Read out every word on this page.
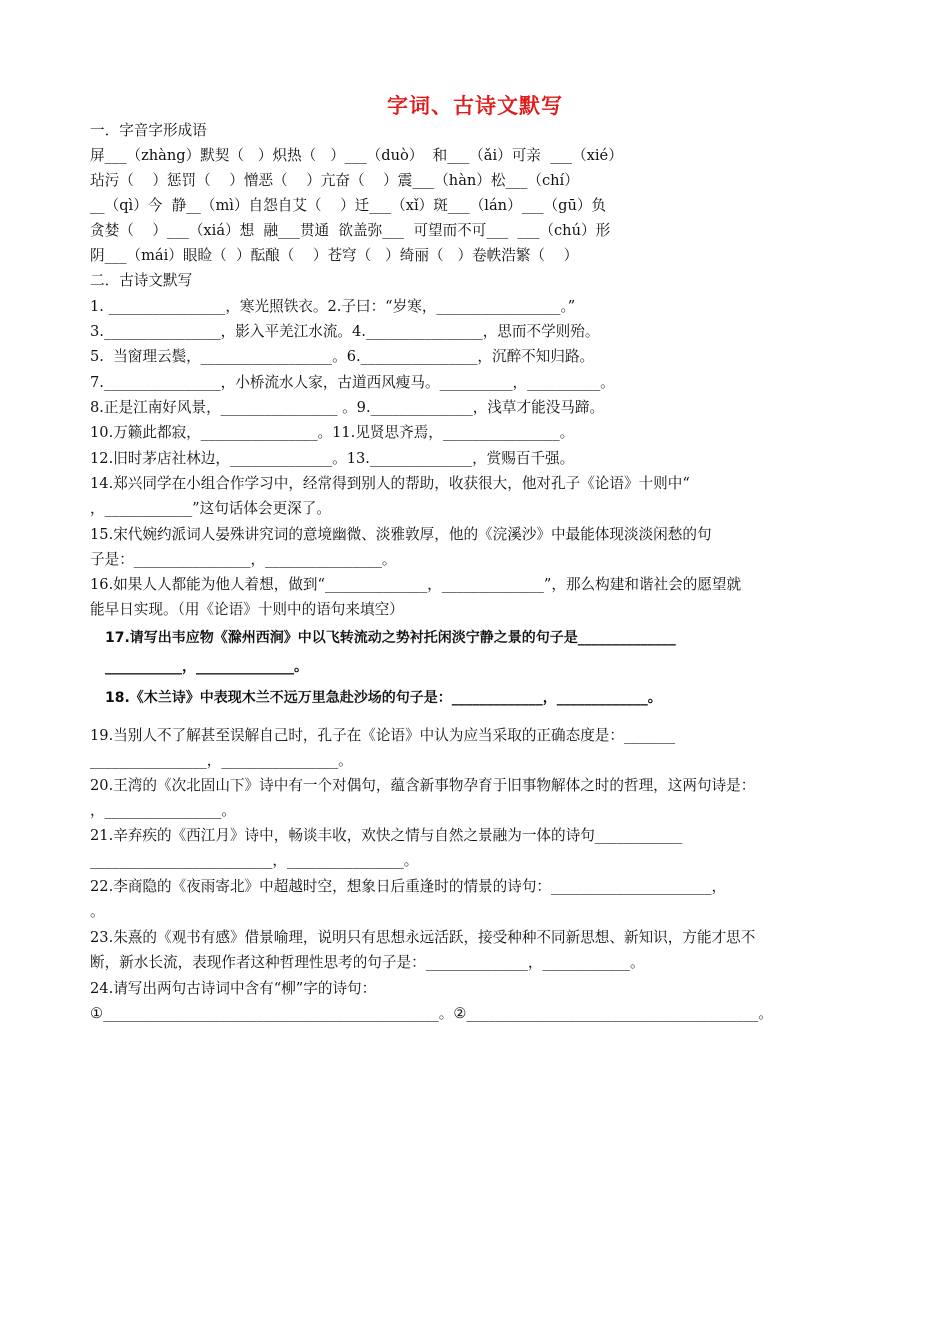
字词、古诗文默写
一．字音字形成语
屏___（zhàng）默契（   ）炽热（   ）___（duò）  和___（ǎi）可亲  ___（xié）
玷污（    ）惩罚（    ）憎恶（    ）亢奋（    ）震___（hàn）松___（chí）
__（qì）今  静__（mì）自怨自艾（    ）迁___（xǐ）斑___（lán）___（gū）负
贪婪（    ）___（xiá）想  融___贯通  欲盖弥___  可望而不可___  ___（chú）形
阴___（mái）眼睑（  ）酝酿（    ）苍穹（   ）绮丽（   ）卷帙浩繁（    ）
二．古诗文默写
1. ________________，寒光照铁衣。2.子曰：“岁寒，_________________。”
3.________________，影入平羌江水流。4.________________，思而不学则殆。
5.  当窗理云鬓，__________________。6.________________，沉醉不知归路。
7.________________，小桥流水人家，古道西风瘦马。__________，__________。
8.正是江南好风景，________________ 。9.______________，浅草才能没马蹄。
10.万籁此都寂，________________。11.见贤思齐焉，________________。
12.旧时茅店社林边，______________。13.______________，赏赐百千强。
14.郑兴同学在小组合作学习中，经常得到别人的帮助，收获很大，他对孔子《论语》十则中“
，____________”这句话体会更深了。
15.宋代婉约派词人晏殊讲究词的意境幽微、淡雅敦厚，他的《浣溪沙》中最能体现淡淡闲愁的句
子是：________________，________________。
16.如果人人都能为他人着想，做到“______________，______________”，那么构建和谐社会的愿望就
能早日实现。（用《论语》十则中的语句来填空）
17.请写出韦应物《滁州西涧》中以飞转流动之势衬托闲淡宁静之景的句子是______________
___________，______________。
18.《木兰诗》中表现木兰不远万里急赴沙场的句子是：_____________，_____________。
19.当别人不了解甚至误解自己时，孔子在《论语》中认为应当采取的正确态度是：_______
________________，________________。
20.王湾的《次北固山下》诗中有一个对偶句，蕴含新事物孕育于旧事物解体之时的哲理，这两句诗是：
，________________。
21.辛弃疾的《西江月》诗中，畅谈丰收，欢快之情与自然之景融为一体的诗句____________
_________________________，________________。
22.李商隐的《夜雨寄北》中超越时空，想象日后重逢时的情景的诗句：______________________，
。
23.朱熹的《观书有感》借景喻理，说明只有思想永远活跃，接受种种不同新思想、新知识，方能才思不
断，新水长流，表现作者这种哲理性思考的句子是：______________，____________。
24.请写出两句古诗词中含有“柳”字的诗句：
①______________________________________________。②________________________________________。
